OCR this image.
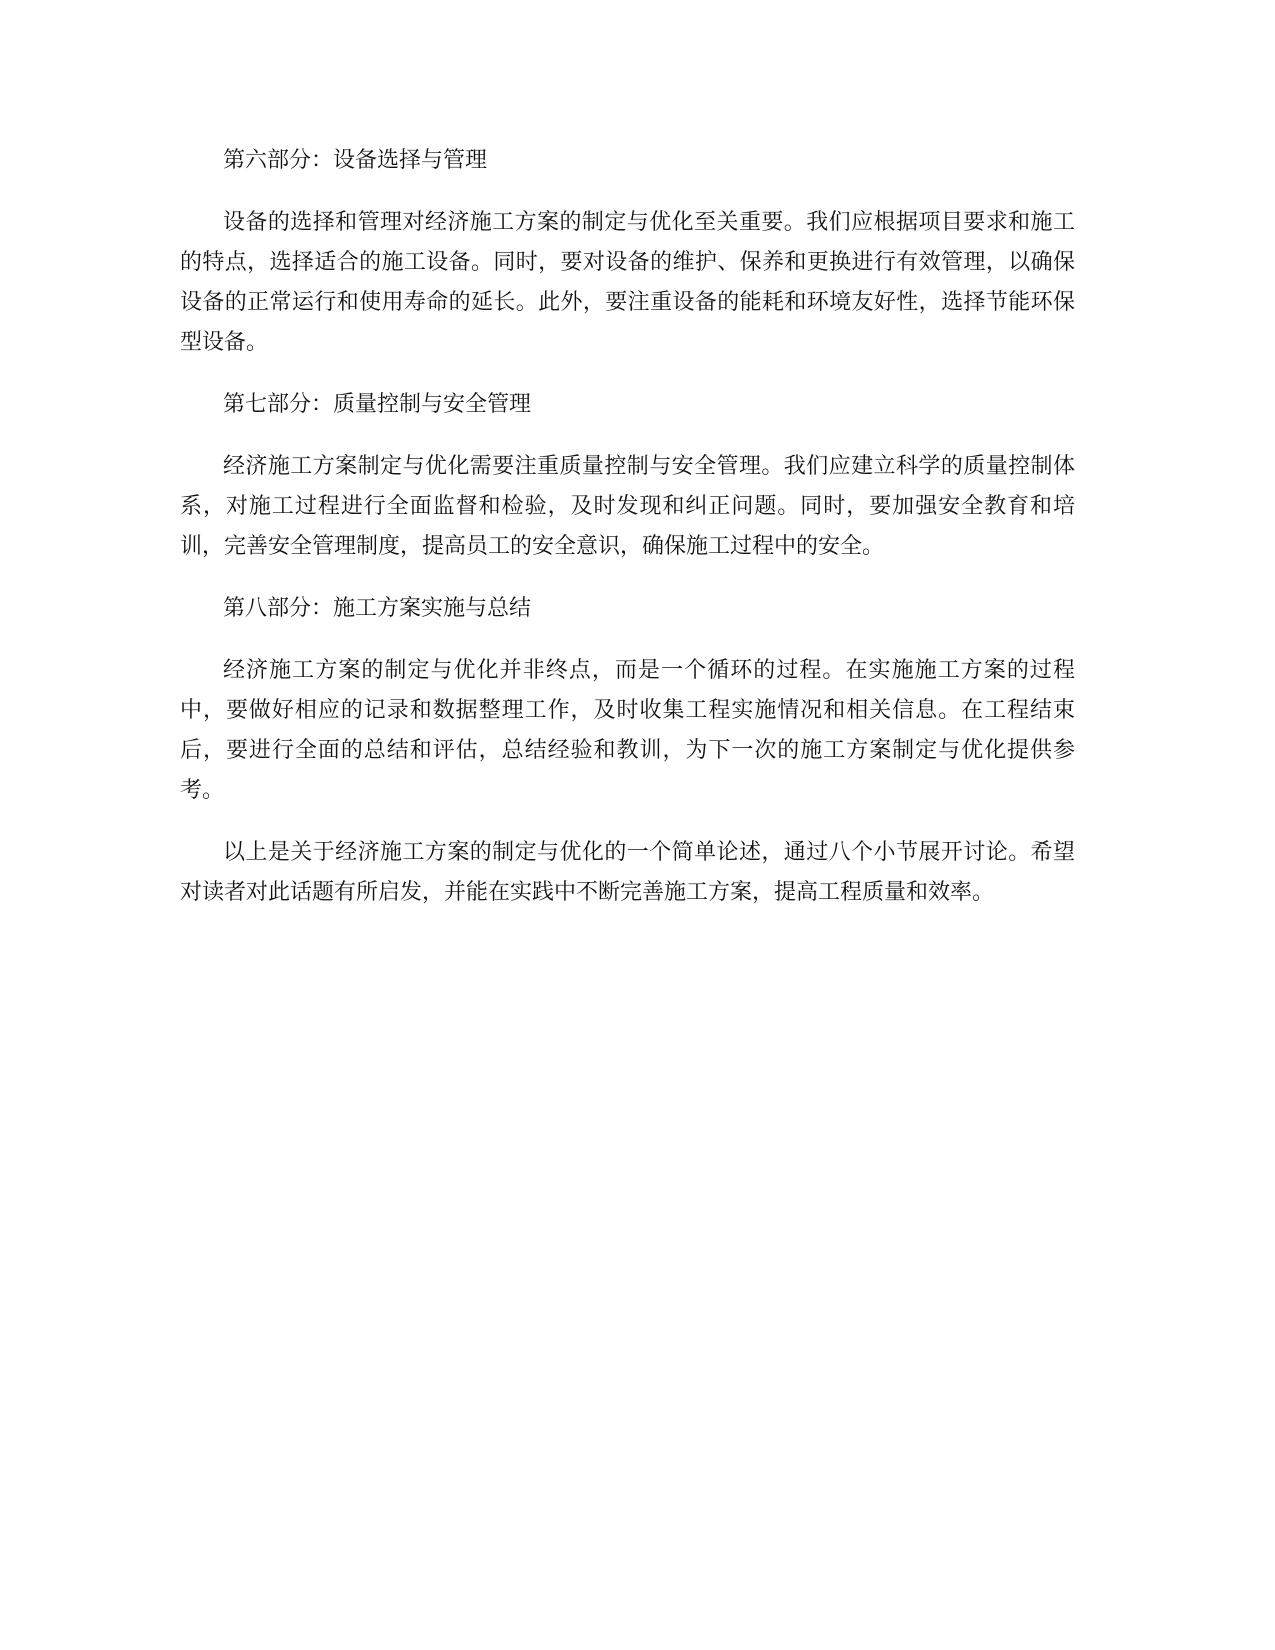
第六部分：设备选择与管理

设备的选择和管理对经济施工方案的制定与优化至关重要。我们应根据项目要求和施工的特点，选择适合的施工设备。同时，要对设备的维护、保养和更换进行有效管理，以确保设备的正常运行和使用寿命的延长。此外，要注重设备的能耗和环境友好性，选择节能环保型设备。

第七部分：质量控制与安全管理

经济施工方案制定与优化需要注重质量控制与安全管理。我们应建立科学的质量控制体系，对施工过程进行全面监督和检验，及时发现和纠正问题。同时，要加强安全教育和培训，完善安全管理制度，提高员工的安全意识，确保施工过程中的安全。

第八部分：施工方案实施与总结

经济施工方案的制定与优化并非终点，而是一个循环的过程。在实施施工方案的过程中，要做好相应的记录和数据整理工作，及时收集工程实施情况和相关信息。在工程结束后，要进行全面的总结和评估，总结经验和教训，为下一次的施工方案制定与优化提供参考。

以上是关于经济施工方案的制定与优化的一个简单论述，通过八个小节展开讨论。希望对读者对此话题有所启发，并能在实践中不断完善施工方案，提高工程质量和效率。
